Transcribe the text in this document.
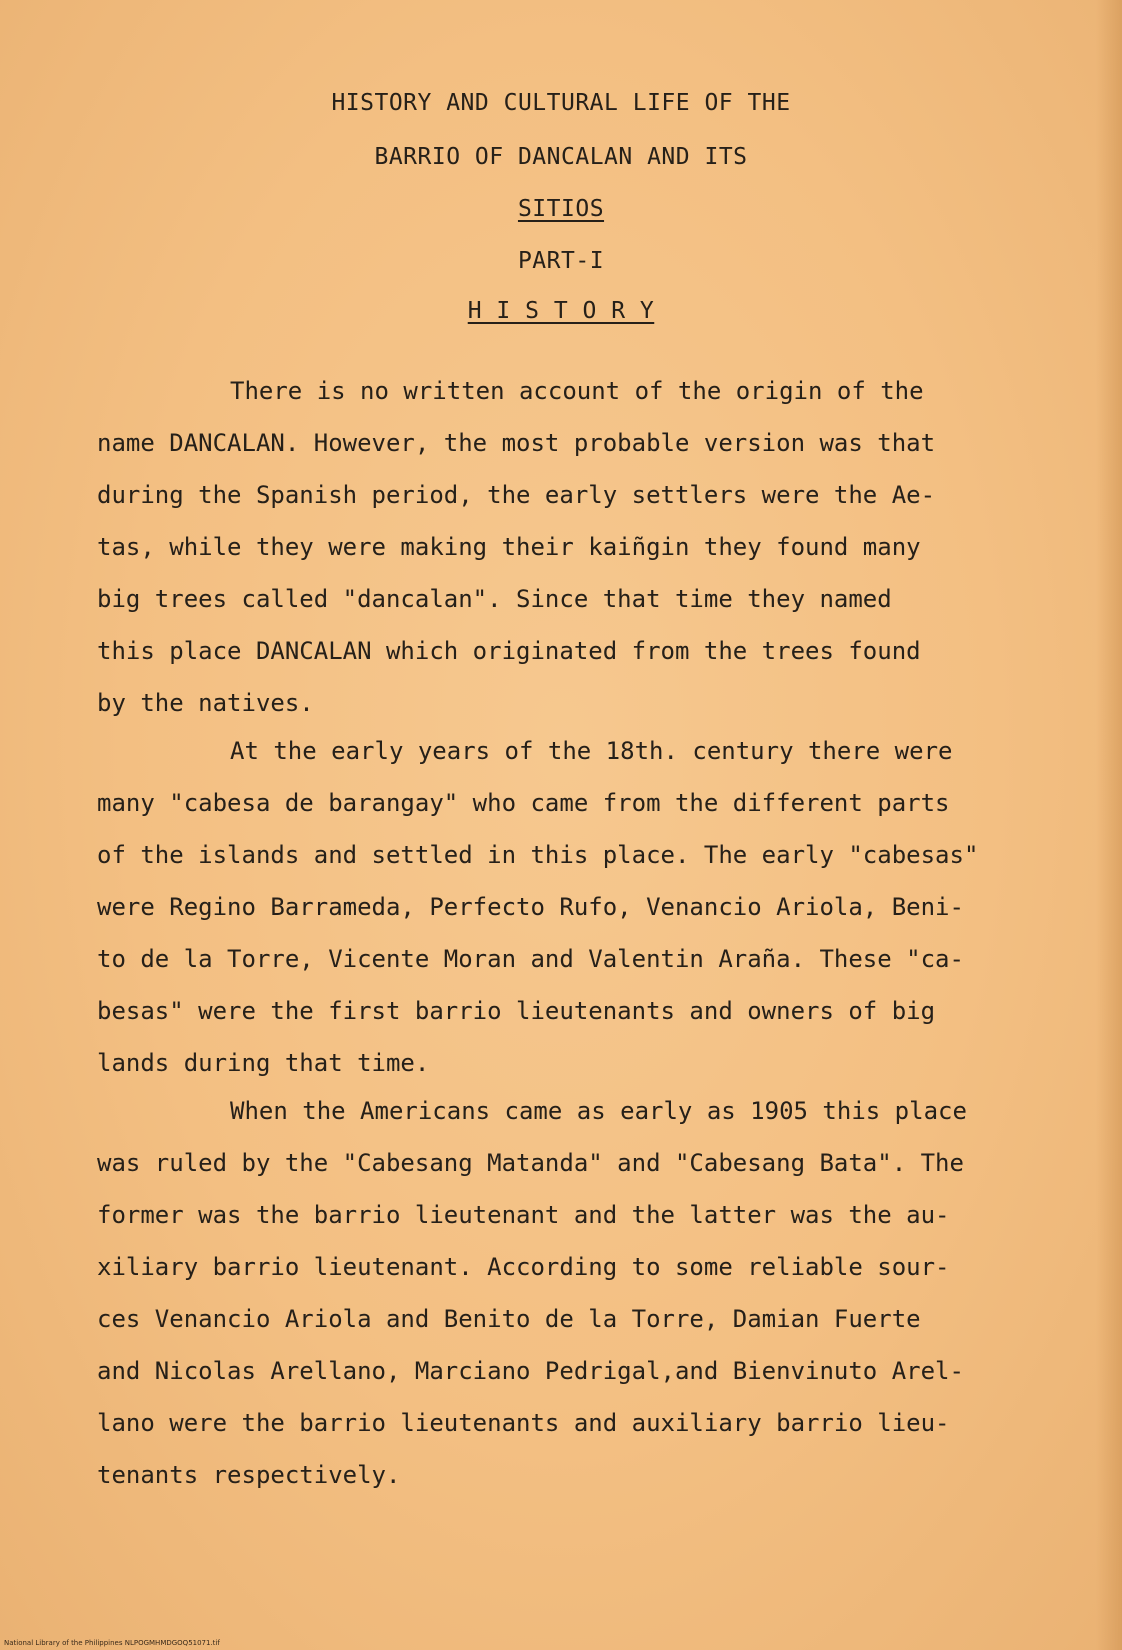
HISTORY AND CULTURAL LIFE OF THE
BARRIO OF DANCALAN AND ITS
SITIOS
PART-I
H I S T O R Y
There is no written account of the origin of the
name DANCALAN. However, the most probable version was that
during the Spanish period, the early settlers were the Ae-
tas, while they were making their kaiñgin they found many
big trees called "dancalan". Since that time they named
this place DANCALAN which originated from the trees found
by the natives.
At the early years of the 18th. century there were
many "cabesa de barangay" who came from the different parts
of the islands and settled in this place. The early "cabesas"
were Regino Barrameda, Perfecto Rufo, Venancio Ariola, Beni-
to de la Torre, Vicente Moran and Valentin Araña. These "ca-
besas" were the first barrio lieutenants and owners of big
lands during that time.
When the Americans came as early as 1905 this place
was ruled by the "Cabesang Matanda" and "Cabesang Bata". The
former was the barrio lieutenant and the latter was the au-
xiliary barrio lieutenant. According to some reliable sour-
ces Venancio Ariola and Benito de la Torre, Damian Fuerte
and Nicolas Arellano, Marciano Pedrigal,and Bienvinuto Arel-
lano were the barrio lieutenants and auxiliary barrio lieu-
tenants respectively.
National Library of the Philippines NLPOGMHMDGOQ51071.tif
